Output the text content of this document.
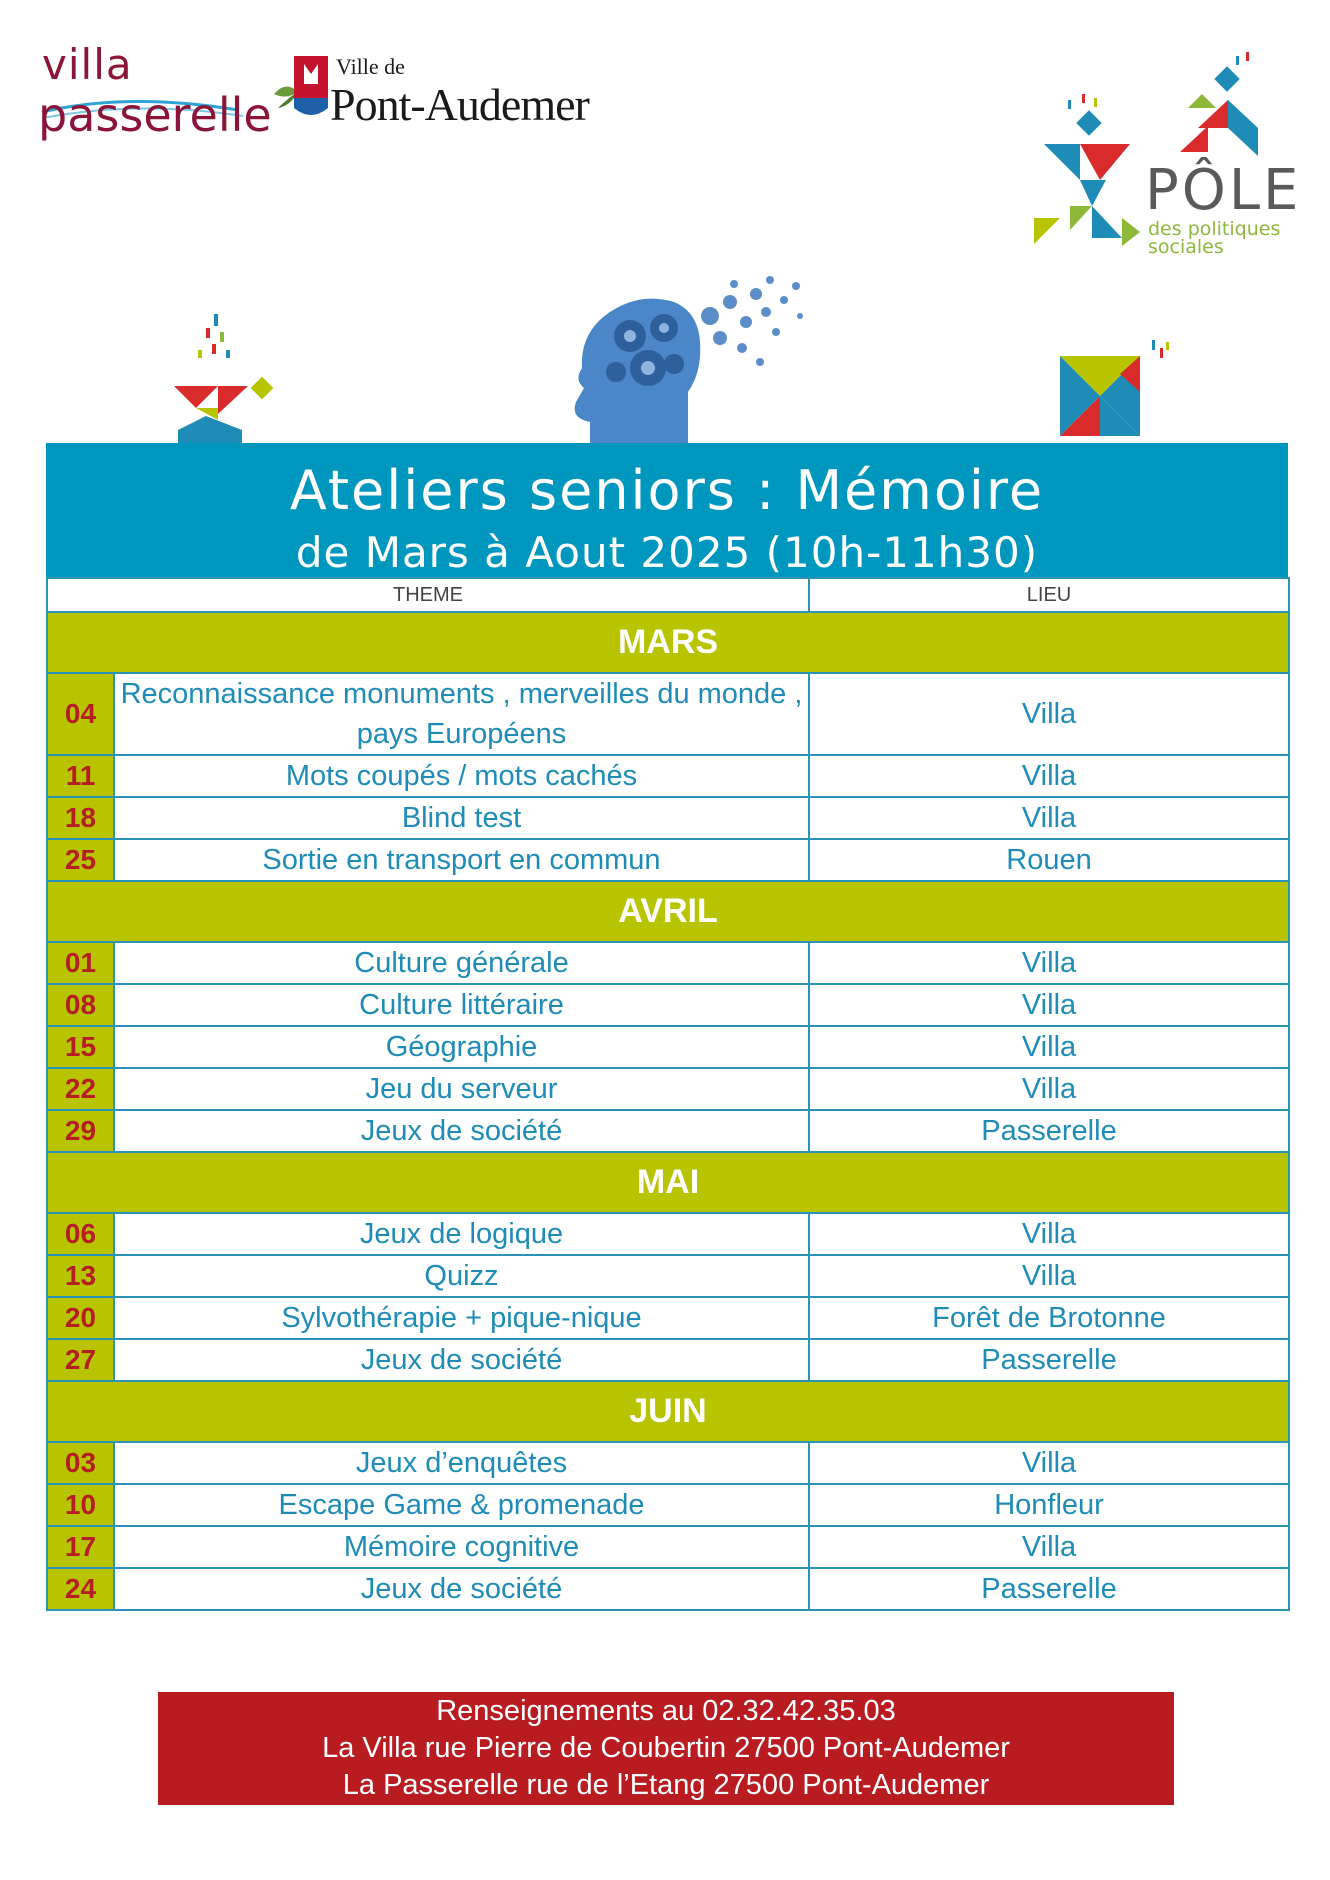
villa
passerelle
Ville de
Pont-Audemer
PÔLE
des politiques
sociales
Ateliers seniors : Mémoire
de Mars à Aout 2025 (10h-11h30)
THEME		LIEU
MARS		
04	Reconnaissance monuments , merveilles du monde , pays Européens	Villa
11	Mots coupés / mots cachés	Villa
18	Blind test	Villa
25	Sortie en transport en commun	Rouen
AVRIL		
01	Culture générale	Villa
08	Culture littéraire	Villa
15	Géographie	Villa
22	Jeu du serveur	Villa
29	Jeux de société	Passerelle
MAI		
06	Jeux de logique	Villa
13	Quizz	Villa
20	Sylvothérapie + pique-nique	Forêt de Brotonne
27	Jeux de société	Passerelle
JUIN		
03	Jeux d’enquêtes	Villa
10	Escape Game & promenade	Honfleur
17	Mémoire cognitive	Villa
24	Jeux de société	Passerelle
Renseignements au 02.32.42.35.03
La Villa rue Pierre de Coubertin 27500 Pont-Audemer
La Passerelle rue de l’Etang 27500 Pont-Audemer
